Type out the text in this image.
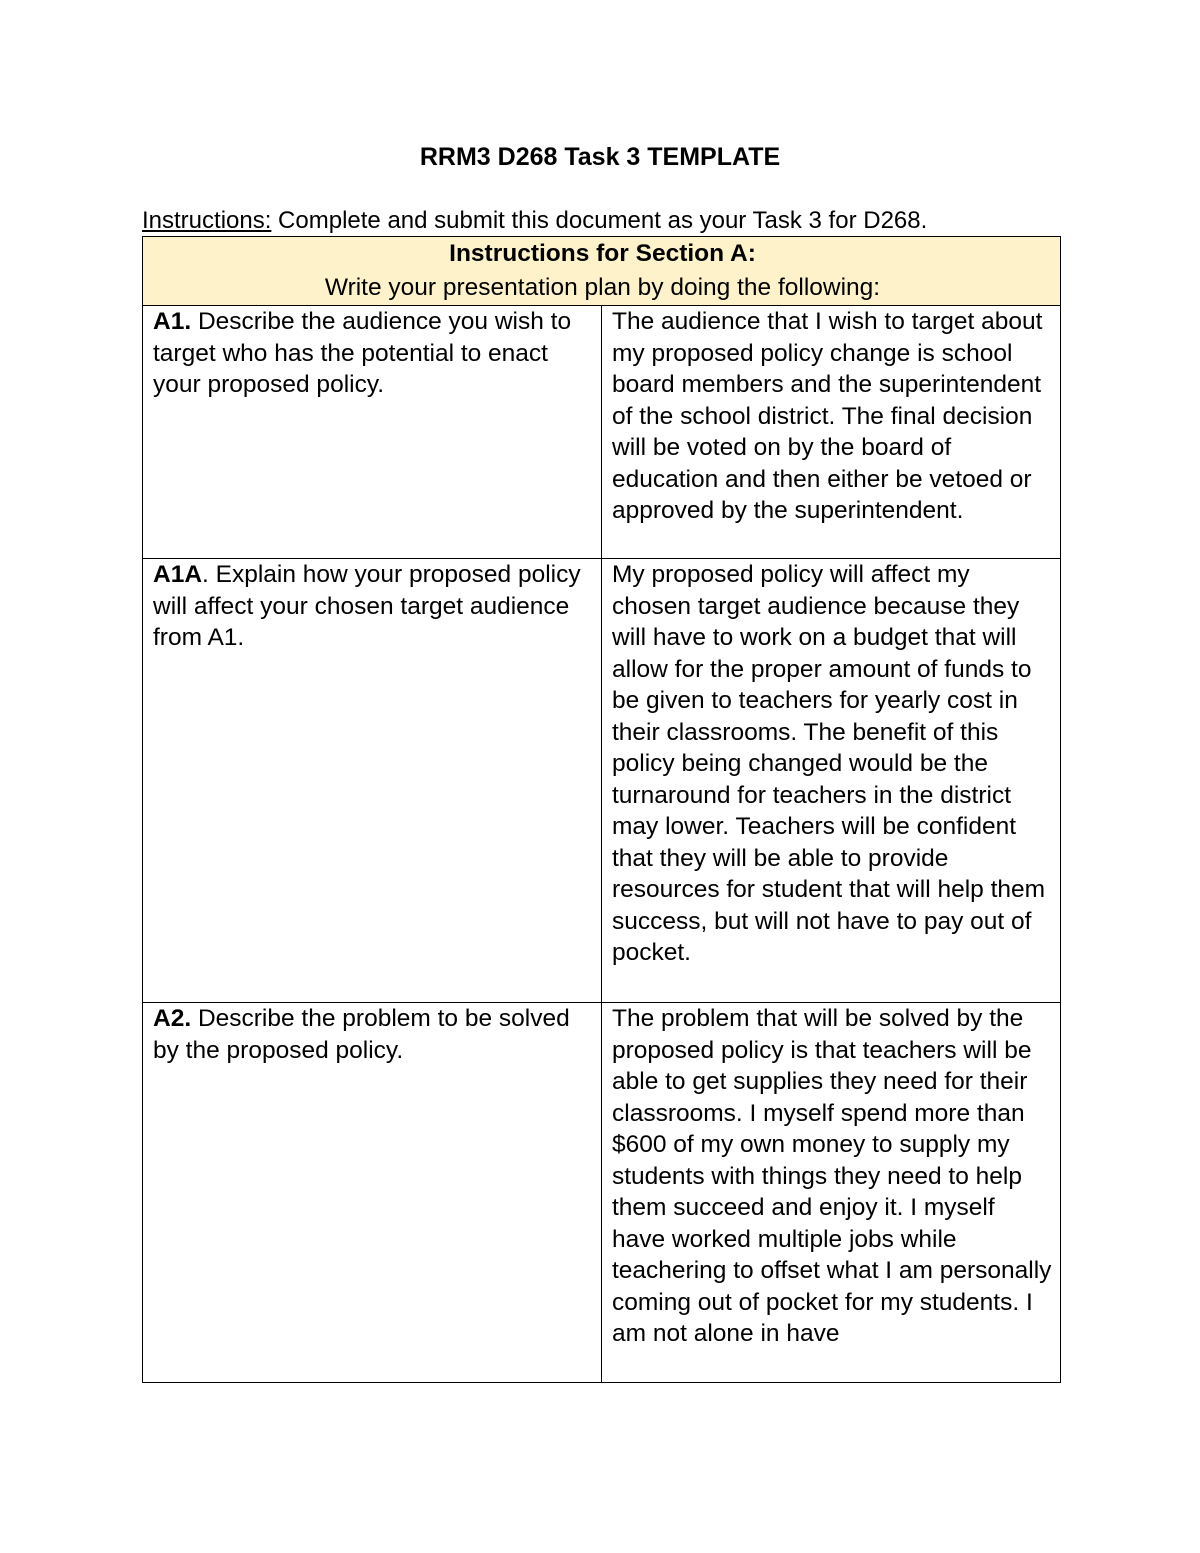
RRM3 D268 Task 3 TEMPLATE
Instructions: Complete and submit this document as your Task 3 for D268.
Instructions for Section A:
Write your presentation plan by doing the following:	

A1. Describe the audience you wish to target who has the potential to enact your proposed policy.	The audience that I wish to target about my proposed policy change is school board members and the superintendent of the school district. The final decision will be voted on by the board of education and then either be vetoed or approved by the superintendent.
A1A. Explain how your proposed policy will affect your chosen target audience from A1.	My proposed policy will affect my chosen target audience because they will have to work on a budget that will allow for the proper amount of funds to be given to teachers for yearly cost in their classrooms. The benefit of this policy being changed would be the turnaround for teachers in the district may lower. Teachers will be confident that they will be able to provide resources for student that will help them success, but will not have to pay out of pocket.
A2. Describe the problem to be solved by the proposed policy.	The problem that will be solved by the proposed policy is that teachers will be able to get supplies they need for their classrooms. I myself spend more than $600 of my own money to supply my students with things they need to help them succeed and enjoy it. I myself have worked multiple jobs while teachering to offset what I am personally coming out of pocket for my students. I am not alone in have
